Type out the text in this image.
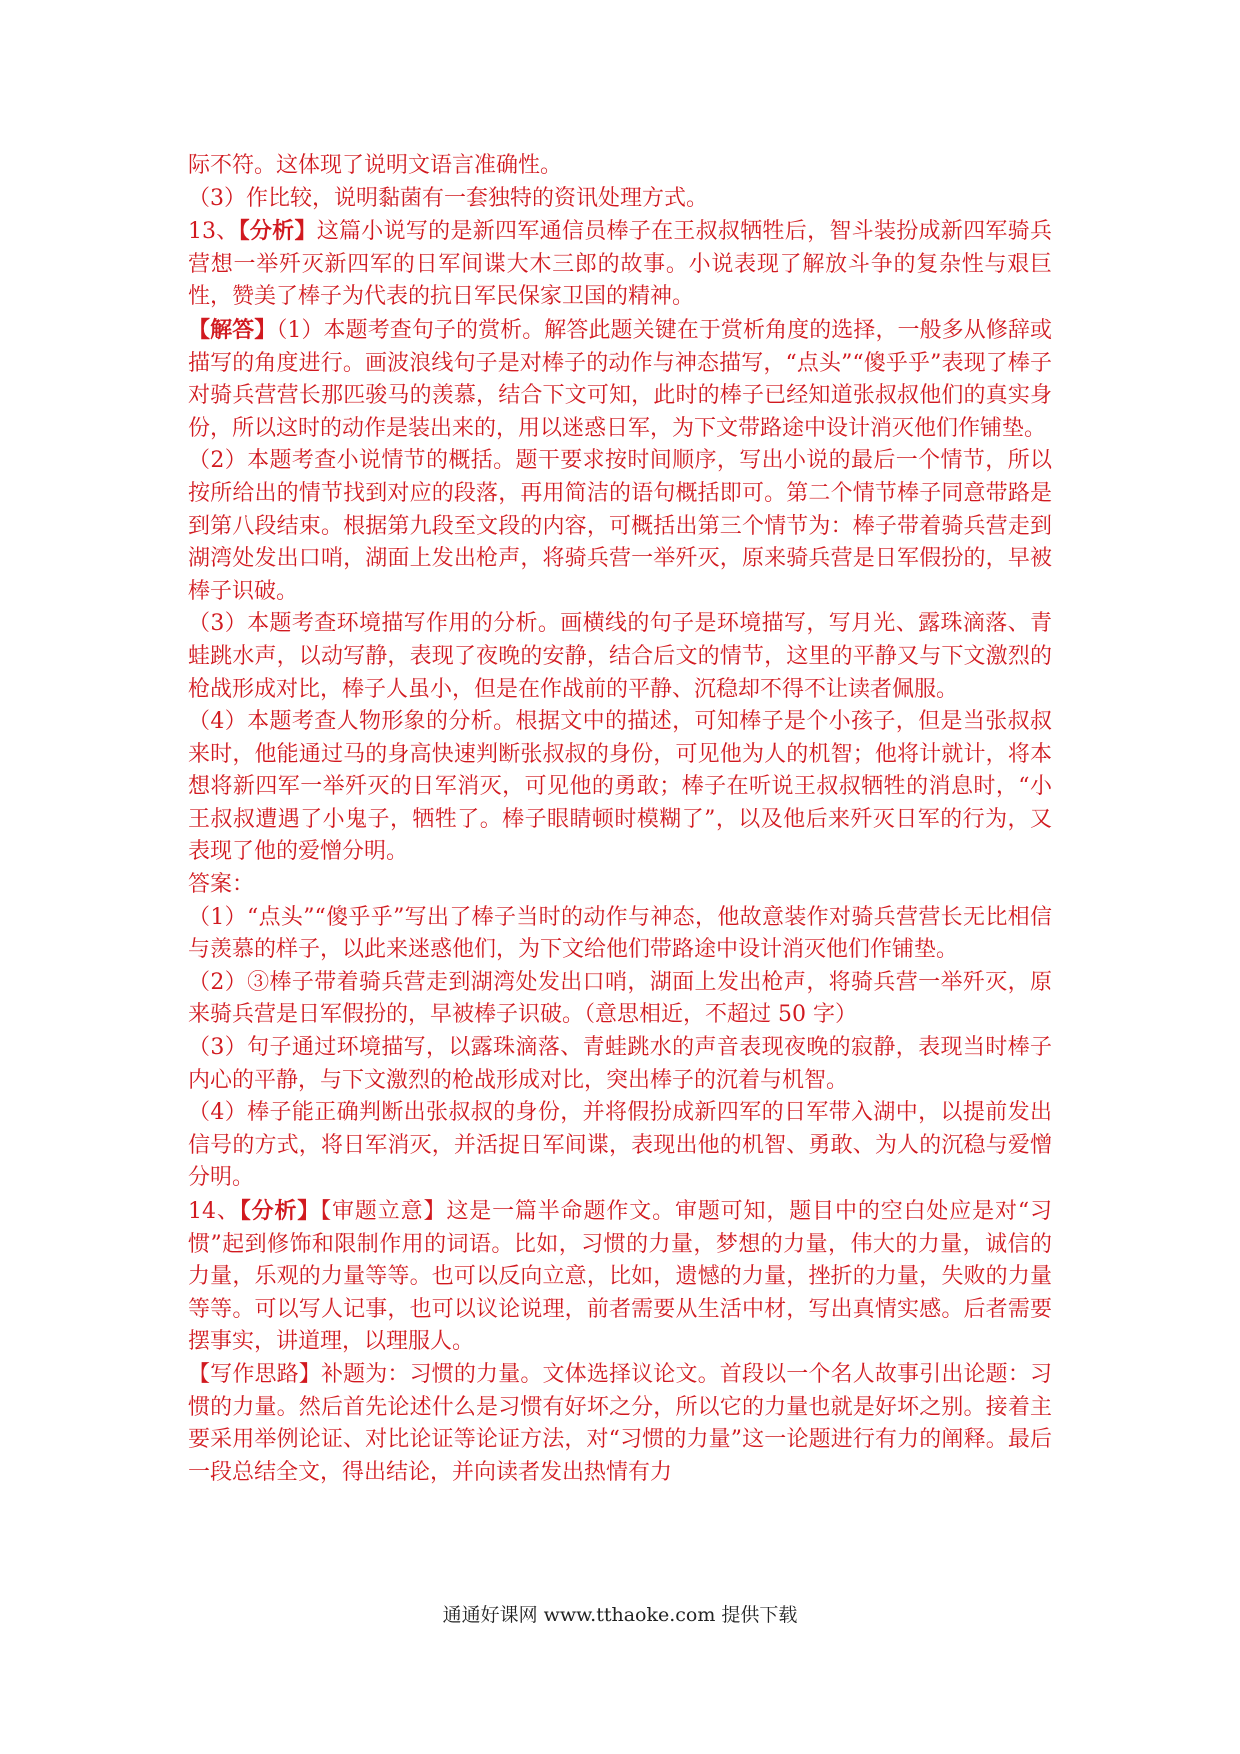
际不符。这体现了说明文语言准确性。

（3）作比较，说明黏菌有一套独特的资讯处理方式。

13、【分析】这篇小说写的是新四军通信员棒子在王叔叔牺牲后，智斗装扮成新四军骑兵营想一举歼灭新四军的日军间谍大木三郎的故事。小说表现了解放斗争的复杂性与艰巨性，赞美了棒子为代表的抗日军民保家卫国的精神。

【解答】（1）本题考查句子的赏析。解答此题关键在于赏析角度的选择，一般多从修辞或描写的角度进行。画波浪线句子是对棒子的动作与神态描写，“点头”“傻乎乎”表现了棒子对骑兵营营长那匹骏马的羡慕，结合下文可知，此时的棒子已经知道张叔叔他们的真实身份，所以这时的动作是装出来的，用以迷惑日军，为下文带路途中设计消灭他们作铺垫。

（2）本题考查小说情节的概括。题干要求按时间顺序，写出小说的最后一个情节，所以按所给出的情节找到对应的段落，再用简洁的语句概括即可。第二个情节棒子同意带路是到第八段结束。根据第九段至文段的内容，可概括出第三个情节为：棒子带着骑兵营走到湖湾处发出口哨，湖面上发出枪声，将骑兵营一举歼灭，原来骑兵营是日军假扮的，早被棒子识破。

（3）本题考查环境描写作用的分析。画横线的句子是环境描写，写月光、露珠滴落、青蛙跳水声，以动写静，表现了夜晚的安静，结合后文的情节，这里的平静又与下文激烈的枪战形成对比，棒子人虽小，但是在作战前的平静、沉稳却不得不让读者佩服。

（4）本题考查人物形象的分析。根据文中的描述，可知棒子是个小孩子，但是当张叔叔来时，他能通过马的身高快速判断张叔叔的身份，可见他为人的机智；他将计就计，将本想将新四军一举歼灭的日军消灭，可见他的勇敢；棒子在听说王叔叔牺牲的消息时，“小王叔叔遭遇了小鬼子，牺牲了。棒子眼睛顿时模糊了”，以及他后来歼灭日军的行为，又表现了他的爱憎分明。

答案：

（1）“点头”“傻乎乎”写出了棒子当时的动作与神态，他故意装作对骑兵营营长无比相信与羡慕的样子，以此来迷惑他们，为下文给他们带路途中设计消灭他们作铺垫。

（2）③棒子带着骑兵营走到湖湾处发出口哨，湖面上发出枪声，将骑兵营一举歼灭，原来骑兵营是日军假扮的，早被棒子识破。（意思相近，不超过 50 字）

（3）句子通过环境描写，以露珠滴落、青蛙跳水的声音表现夜晚的寂静，表现当时棒子内心的平静，与下文激烈的枪战形成对比，突出棒子的沉着与机智。

（4）棒子能正确判断出张叔叔的身份，并将假扮成新四军的日军带入湖中，以提前发出信号的方式，将日军消灭，并活捉日军间谍，表现出他的机智、勇敢、为人的沉稳与爱憎分明。

14、【分析】【审题立意】这是一篇半命题作文。审题可知，题目中的空白处应是对“习惯”起到修饰和限制作用的词语。比如，习惯的力量，梦想的力量，伟大的力量，诚信的力量，乐观的力量等等。也可以反向立意，比如，遗憾的力量，挫折的力量，失败的力量等等。可以写人记事，也可以议论说理，前者需要从生活中材，写出真情实感。后者需要摆事实，讲道理，以理服人。

【写作思路】补题为：习惯的力量。文体选择议论文。首段以一个名人故事引出论题：习惯的力量。然后首先论述什么是习惯有好坏之分，所以它的力量也就是好坏之别。接着主要采用举例论证、对比论证等论证方法，对“习惯的力量”这一论题进行有力的阐释。最后一段总结全文，得出结论，并向读者发出热情有力

通通好课网 www.tthaoke.com 提供下载
